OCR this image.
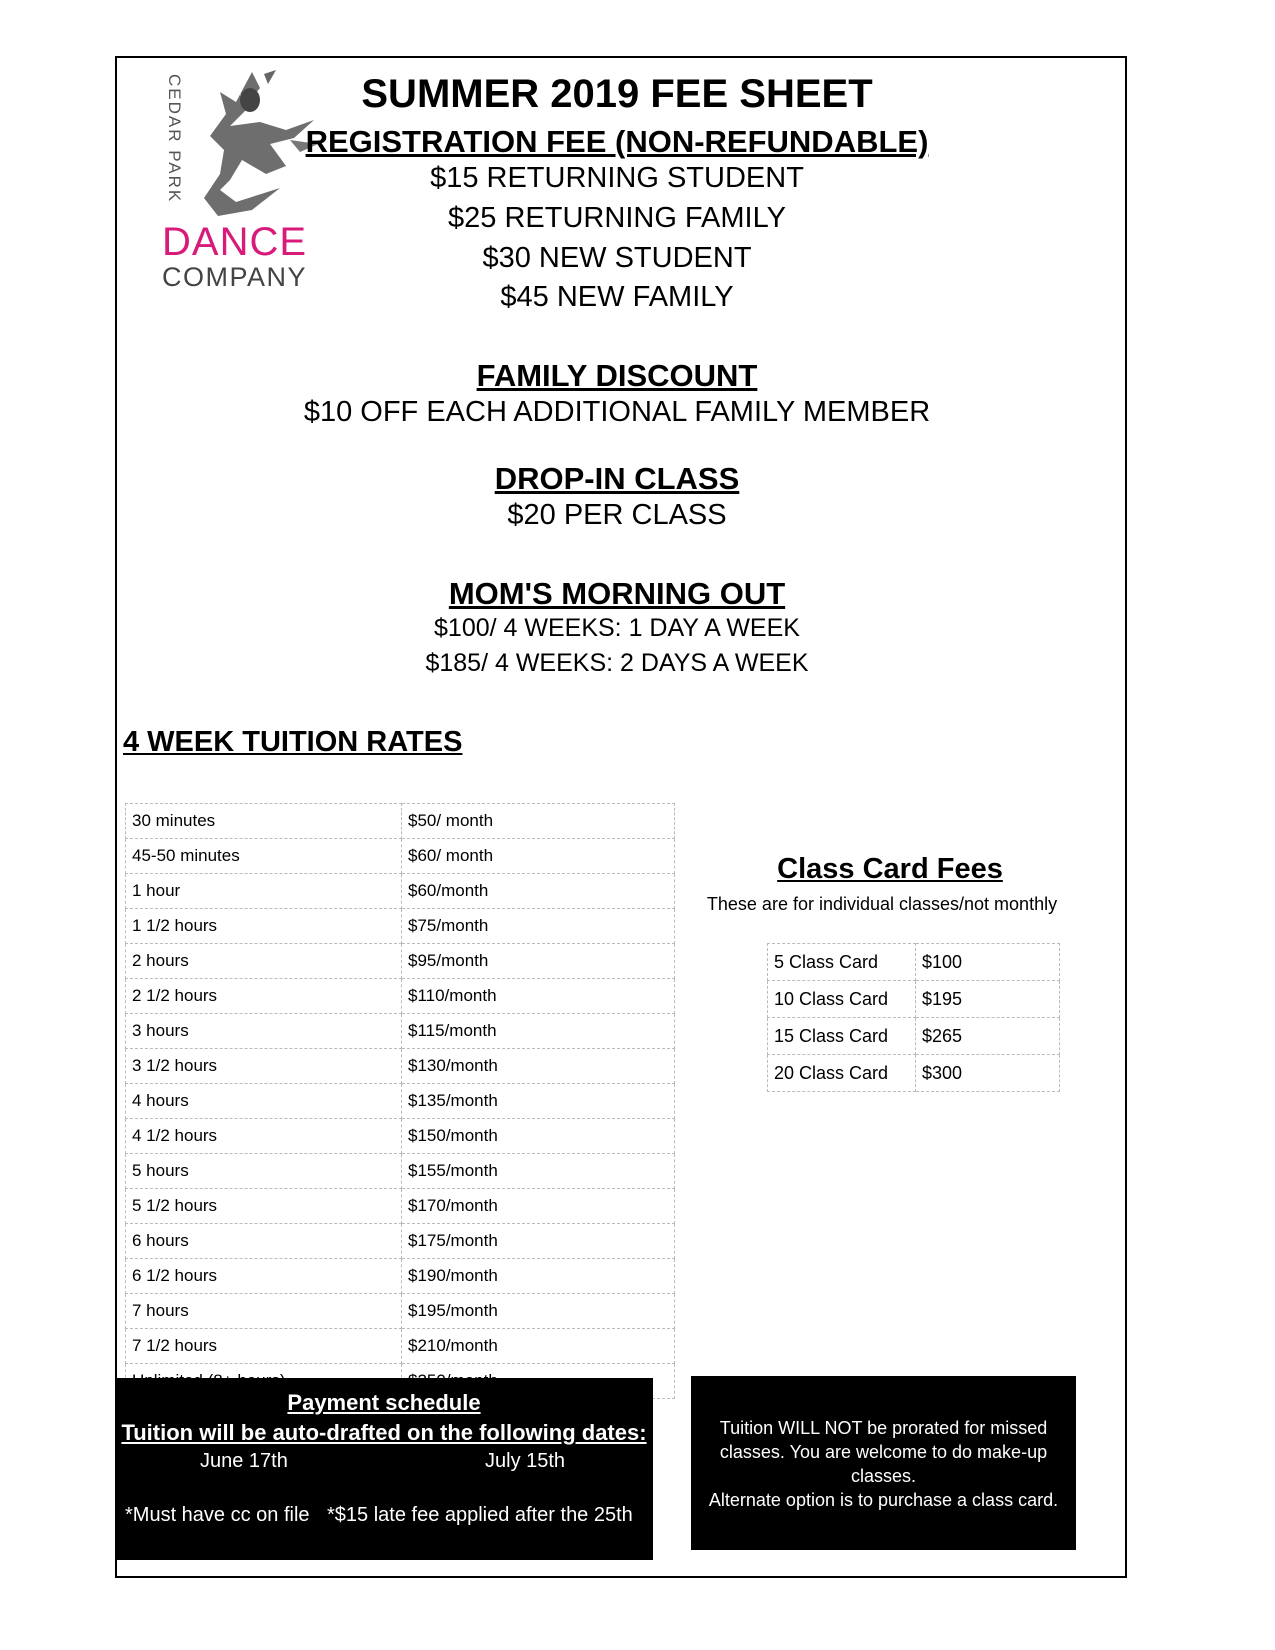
CEDAR PARK
DANCE
COMPANY
SUMMER 2019 FEE SHEET
REGISTRATION FEE (NON-REFUNDABLE)
$15 RETURNING STUDENT
$25 RETURNING FAMILY
$30 NEW STUDENT
$45 NEW FAMILY
FAMILY DISCOUNT
$10 OFF EACH ADDITIONAL FAMILY MEMBER
DROP-IN CLASS
$20 PER CLASS
MOM'S MORNING OUT
$100/ 4 WEEKS: 1 DAY A WEEK
$185/ 4 WEEKS: 2 DAYS A WEEK
4 WEEK TUITION RATES
30 minutes	$50/ month
45-50 minutes	$60/ month
1 hour	$60/month
1 1/2 hours	$75/month
2 hours	$95/month
2 1/2 hours	$110/month
3 hours	$115/month
3 1/2 hours	$130/month
4 hours	$135/month
4 1/2 hours	$150/month
5 hours	$155/month
5 1/2 hours	$170/month
6 hours	$175/month
6 1/2 hours	$190/month
7 hours	$195/month
7 1/2 hours	$210/month

Class Card Fees
These are for individual classes/not monthly
5 Class Card	$100
10 Class Card	$195
15 Class Card	$265
20 Class Card	$300
Payment schedule
Tuition will be auto-drafted on the following dates:
June 17th	July 15th
*Must have cc on file *$15 late fee applied after the 25th
Tuition WILL NOT be prorated for missed classes. You are welcome to do make-up classes.
Alternate option is to purchase a class card.
